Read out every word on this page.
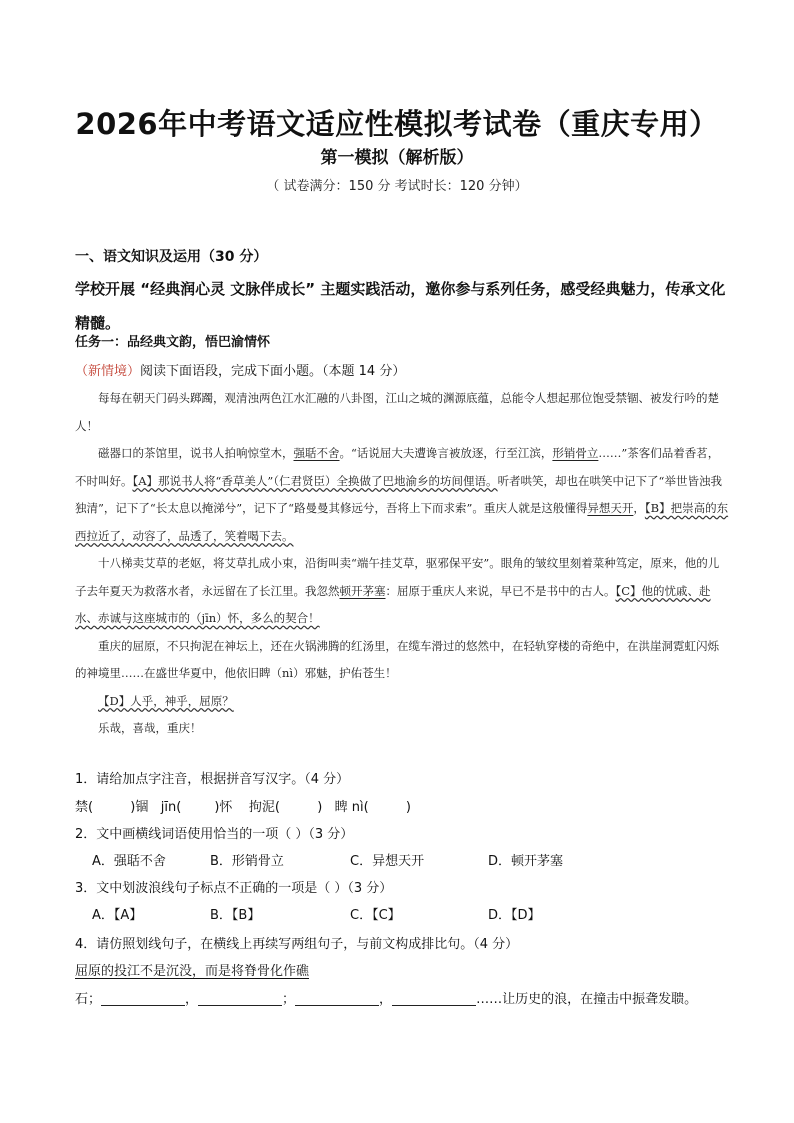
2026年中考语文适应性模拟考试卷（重庆专用）
第一模拟（解析版）
（ 试卷满分：150 分 考试时长：120 分钟）
一、语文知识及运用（30 分）
学校开展 “经典润心灵 文脉伴成长” 主题实践活动，邀你参与系列任务，感受经典魅力，传承文化精髓。
任务一：品经典文韵，悟巴渝情怀
（新情境）阅读下面语段，完成下面小题。（本题 14 分）

每每在朝天门码头踯躅，观清浊两色江水汇融的八卦图，江山之城的渊源底蕴，总能令人想起那位饱受禁锢、被发行吟的楚人！

磁器口的茶馆里，说书人拍响惊堂木，强聒不舍。“话说屈大夫遭谗言被放逐，行至江滨，形销骨立……”茶客们品着香茗，不时叫好。【A】那说书人将“香草美人”（仁君贤臣）全换做了巴地渝乡的坊间俚语。听者哄笑，却也在哄笑中记下了“举世皆浊我独清”，记下了“长太息以掩涕兮”，记下了“路曼曼其修远兮，吾将上下而求索”。重庆人就是这般懂得异想天开，【B】把崇高的东西拉近了，动容了，品透了，笑着喝下去。

十八梯卖艾草的老妪，将艾草扎成小束，沿街叫卖“端午挂艾草，驱邪保平安”。眼角的皱纹里刻着菜种笃定，原来，他的儿子去年夏天为救落水者，永远留在了长江里。我忽然顿开茅塞：屈原于重庆人来说，早已不是书中的古人。【C】他的忧戚、赴水、赤诚与这座城市的（jīn）怀，多么的契合！

重庆的屈原，不只拘泥在神坛上，还在火锅沸腾的红汤里，在缆车滑过的悠然中，在轻轨穿楼的奇绝中，在洪崖洞霓虹闪烁的神境里……在盛世华夏中，他依旧睥（nì）邪魅，护佑苍生！

【D】人乎，神乎，屈原？

乐哉，喜哉，重庆！

1．请给加点字注音，根据拼音写汉字。（4 分）
禁(         )锢   jīn(        )怀    拘泥(         )   睥 nì(         )
2．文中画横线词语使用恰当的一项（ ）（3 分）
A．强聒不舍	B．形销骨立	C．异想天开	D．顿开茅塞
3．文中划波浪线句子标点不正确的一项是（ ）（3 分）
A．【A】	B．【B】	C．【C】	D．【D】
4．请仿照划线句子，在横线上再续写两组句子，与前文构成排比句。（4 分）
屈原的投江不是沉没，而是将脊骨化作礁
石；	，	；	，	……让历史的浪，在撞击中振聋发聩。
